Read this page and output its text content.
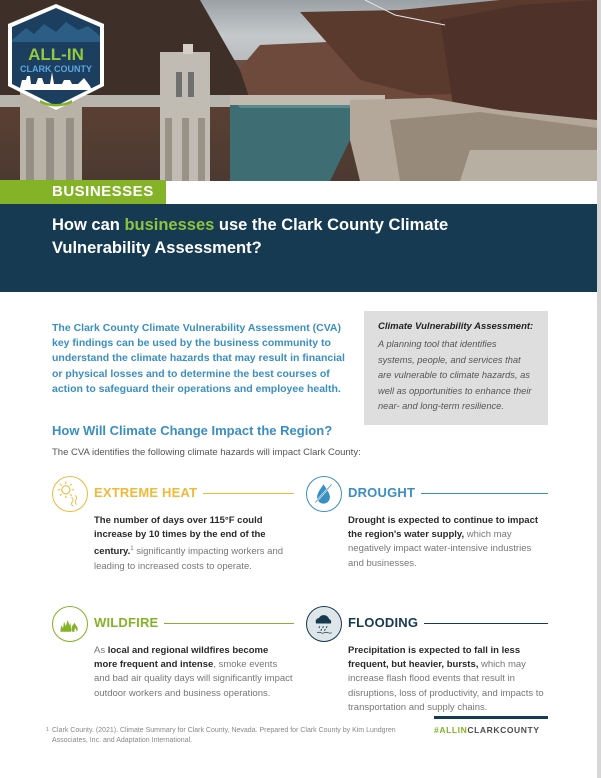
ALL-IN
CLARK COUNTY
BOLD ACTION FOR A
BUSINESSES
How can businesses use the Clark County Climate Vulnerability Assessment?

The Clark County Climate Vulnerability Assessment (CVA) key findings can be used by the business community to understand the climate hazards that may result in financial or physical losses and to determine the best courses of action to safeguard their operations and employee health.

Climate Vulnerability Assessment:
A planning tool that identifies systems, people, and services that are vulnerable to climate hazards, as well as opportunities to enhance their near- and long-term resilience.
How Will Climate Change Impact the Region?

The CVA identifies the following climate hazards will impact Clark County:

EXTREME HEAT

The number of days over 115°F could increase by 10 times by the end of the century.$^1$ significantly impacting workers and leading to increased costs to operate.

DROUGHT

Drought is expected to continue to impact the region's water supply, which may negatively impact water-intensive industries and businesses.

WILDFIRE

As local and regional wildfires become more frequent and intense, smoke events and bad air quality days will significantly impact outdoor workers and business operations.

FLOODING

Precipitation is expected to fall in less frequent, but heavier, bursts, which may increase flash flood events that result in disruptions, loss of productivity, and impacts to transportation and supply chains.

1 Clark County. (2021). Climate Summary for Clark County, Nevada. Prepared for Clark County by Kim Lundgren Associates, Inc. and Adaptation International.
#ALLINCLARKCOUNTY
